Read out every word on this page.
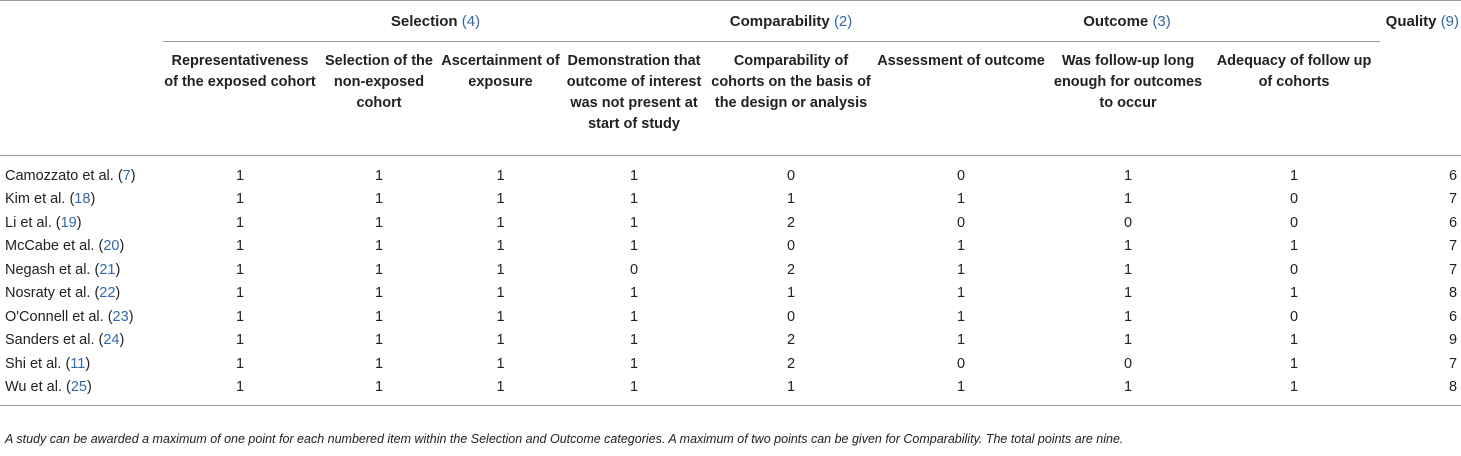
	Selection (4)				Comparability (2)	Outcome (3)			Quality (9)
	Representativeness of the exposed cohort	Selection of the non-exposed cohort	Ascertainment of exposure	Demonstration that outcome of interest was not present at start of study	Comparability of cohorts on the basis of the design or analysis	Assessment of outcome	Was follow-up long enough for outcomes to occur	Adequacy of follow up of cohorts	
Camozzato et al. (7)	1	1	1	1	0	0	1	1	6
Kim et al. (18)	1	1	1	1	1	1	1	0	7
Li et al. (19)	1	1	1	1	2	0	0	0	6
McCabe et al. (20)	1	1	1	1	0	1	1	1	7
Negash et al. (21)	1	1	1	0	2	1	1	0	7
Nosraty et al. (22)	1	1	1	1	1	1	1	1	8
O'Connell et al. (23)	1	1	1	1	0	1	1	0	6
Sanders et al. (24)	1	1	1	1	2	1	1	1	9
Shi et al. (11)	1	1	1	1	2	0	0	1	7
Wu et al. (25)	1	1	1	1	1	1	1	1	8
A study can be awarded a maximum of one point for each numbered item within the Selection and Outcome categories. A maximum of two points can be given for Comparability. The total points are nine.
